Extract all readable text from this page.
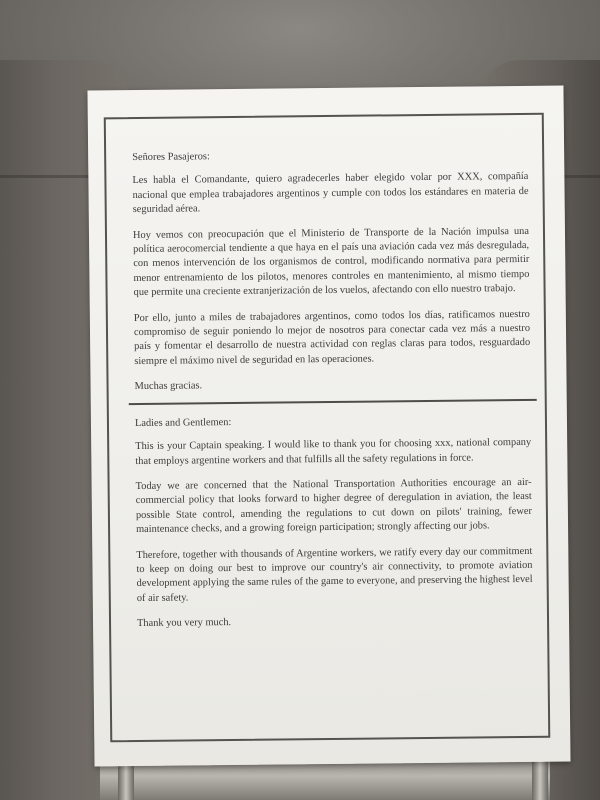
Señores Pasajeros:

Les habla el Comandante, quiero agradecerles haber elegido volar por XXX, compañía nacional que emplea trabajadores argentinos y cumple con todos los estándares en materia de seguridad aérea.

Hoy vemos con preocupación que el Ministerio de Transporte de la Nación impulsa una política aerocomercial tendiente a que haya en el país una aviación cada vez más desregulada, con menos intervención de los organismos de control, modificando normativa para permitir menor entrenamiento de los pilotos, menores controles en mantenimiento, al mismo tiempo que permite una creciente extranjerización de los vuelos, afectando con ello nuestro trabajo.

Por ello, junto a miles de trabajadores argentinos, como todos los días, ratificamos nuestro compromiso de seguir poniendo lo mejor de nosotros para conectar cada vez más a nuestro país y fomentar el desarrollo de nuestra actividad con reglas claras para todos, resguardado siempre el máximo nivel de seguridad en las operaciones.

Muchas gracias.

Ladies and Gentlemen:

This is your Captain speaking. I would like to thank you for choosing xxx, national company that employs argentine workers and that fulfills all the safety regulations in force.

Today we are concerned that the National Transportation Authorities encourage an air-commercial policy that looks forward to higher degree of deregulation in aviation, the least possible State control, amending the regulations to cut down on pilots' training, fewer maintenance checks, and a growing foreign participation; strongly affecting our jobs.

Therefore, together with thousands of Argentine workers, we ratify every day our commitment to keep on doing our best to improve our country's air connectivity, to promote aviation development applying the same rules of the game to everyone, and preserving the highest level of air safety.

Thank you very much.
